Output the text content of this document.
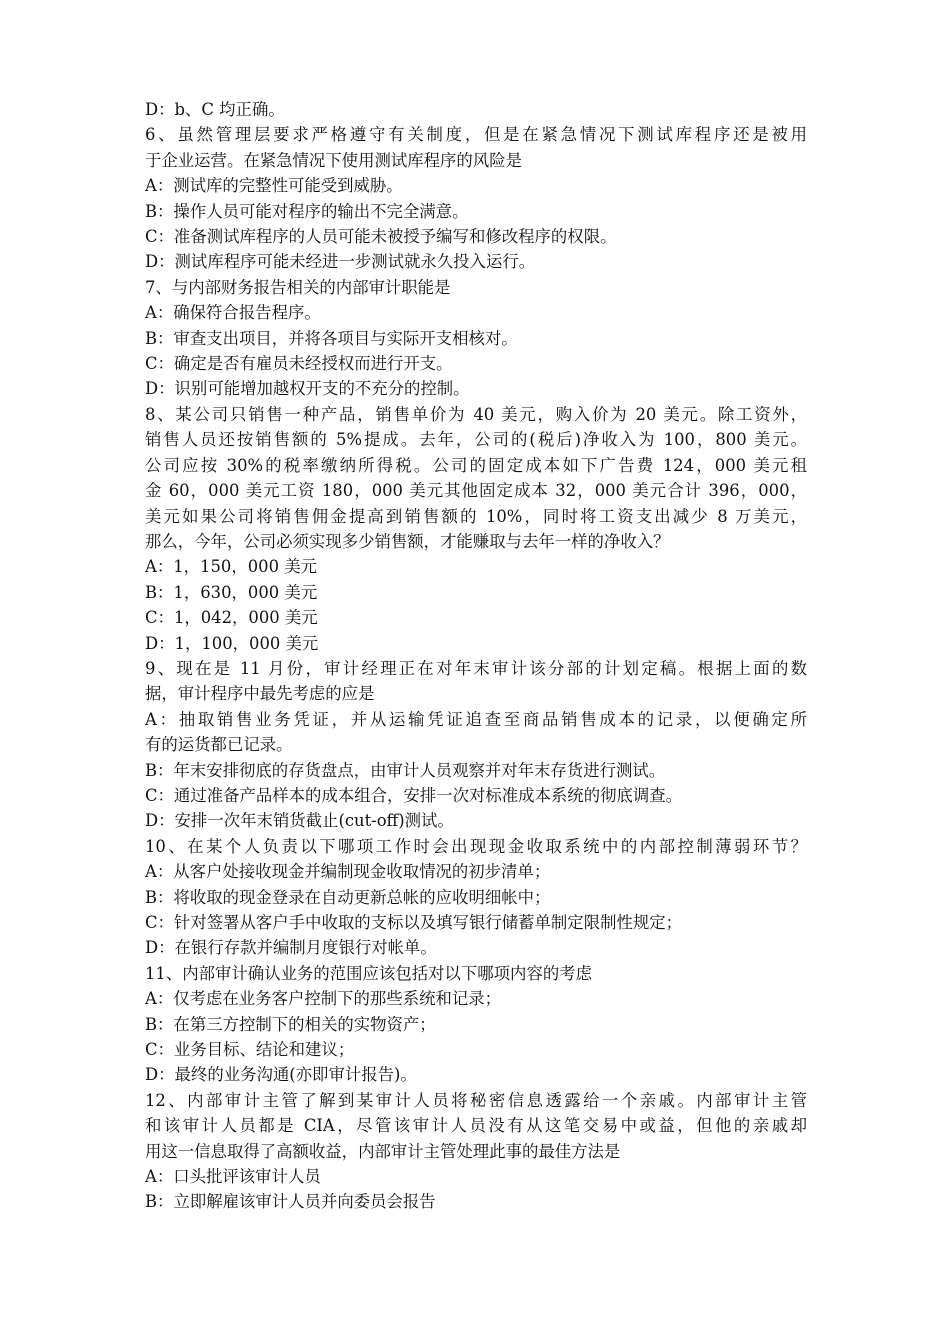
D：b、C 均正确。
6、虽然管理层要求严格遵守有关制度，但是在紧急情况下测试库程序还是被用
于企业运营。在紧急情况下使用测试库程序的风险是
A：测试库的完整性可能受到威胁。
B：操作人员可能对程序的输出不完全满意。
C：准备测试库程序的人员可能未被授予编写和修改程序的权限。
D：测试库程序可能未经进一步测试就永久投入运行。
7、与内部财务报告相关的内部审计职能是
A：确保符合报告程序。
B：审查支出项目，并将各项目与实际开支相核对。
C：确定是否有雇员未经授权而进行开支。
D：识别可能增加越权开支的不充分的控制。
8、某公司只销售一种产品，销售单价为 40 美元，购入价为 20 美元。除工资外，
销售人员还按销售额的 5%提成。去年，公司的(税后)净收入为 100，800 美元。
公司应按 30%的税率缴纳所得税。公司的固定成本如下广告费 124，000 美元租
金 60，000 美元工资 180，000 美元其他固定成本 32，000 美元合计 396，000，
美元如果公司将销售佣金提高到销售额的 10%，同时将工资支出减少 8 万美元，
那么，今年，公司必须实现多少销售额，才能赚取与去年一样的净收入？
A：1，150，000 美元
B：1，630，000 美元
C：1，042，000 美元
D：1，100，000 美元
9、现在是 11 月份，审计经理正在对年末审计该分部的计划定稿。根据上面的数
据，审计程序中最先考虑的应是
A：抽取销售业务凭证，并从运输凭证追查至商品销售成本的记录，以便确定所
有的运货都已记录。
B：年末安排彻底的存货盘点，由审计人员观察并对年末存货进行测试。
C：通过准备产品样本的成本组合，安排一次对标准成本系统的彻底调查。
D：安排一次年末销货截止(cut-off)测试。
10、在某个人负责以下哪项工作时会出现现金收取系统中的内部控制薄弱环节？
A：从客户处接收现金并编制现金收取情况的初步清单；
B：将收取的现金登录在自动更新总帐的应收明细帐中；
C：针对签署从客户手中收取的支标以及填写银行储蓄单制定限制性规定；
D：在银行存款并编制月度银行对帐单。
11、内部审计确认业务的范围应该包括对以下哪项内容的考虑
A：仅考虑在业务客户控制下的那些系统和记录；
B：在第三方控制下的相关的实物资产；
C：业务目标、结论和建议；
D：最终的业务沟通(亦即审计报告)。
12、内部审计主管了解到某审计人员将秘密信息透露给一个亲戚。内部审计主管
和该审计人员都是 CIA，尽管该审计人员没有从这笔交易中或益，但他的亲戚却
用这一信息取得了高额收益，内部审计主管处理此事的最佳方法是
A：口头批评该审计人员
B：立即解雇该审计人员并向委员会报告
